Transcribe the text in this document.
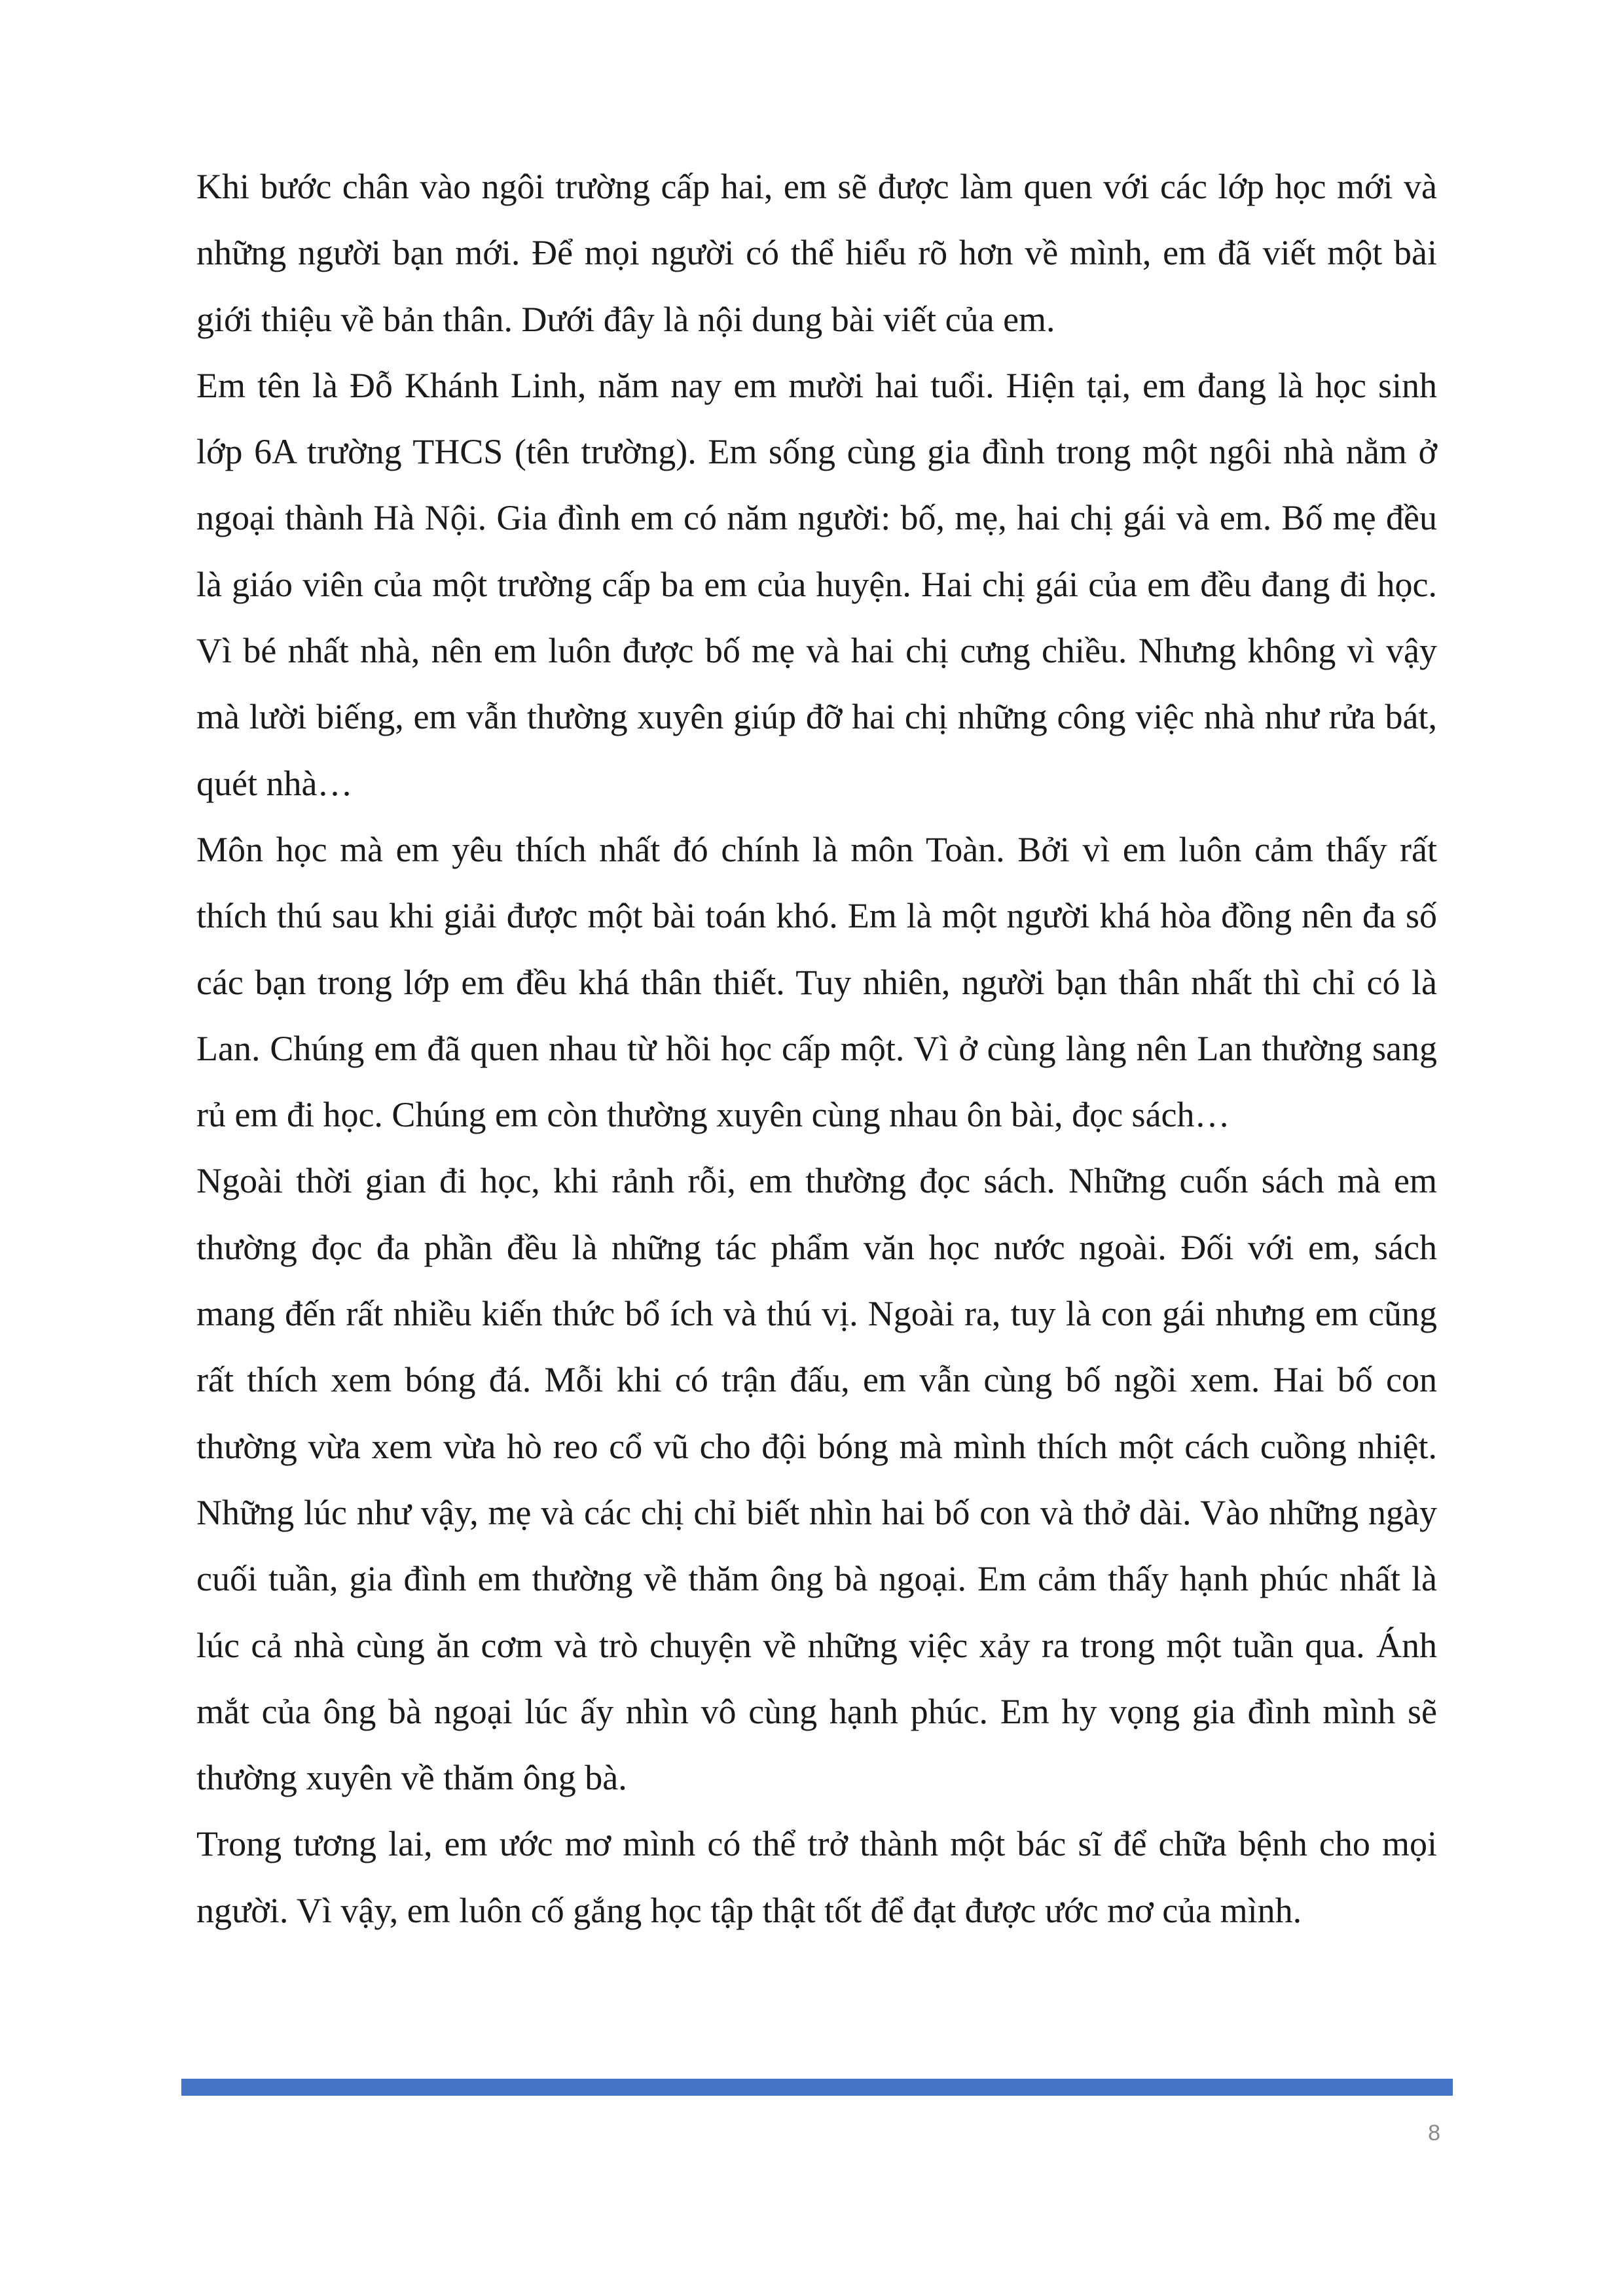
Khi bước chân vào ngôi trường cấp hai, em sẽ được làm quen với các lớp học mới và những người bạn mới. Để mọi người có thể hiểu rõ hơn về mình, em đã viết một bài giới thiệu về bản thân. Dưới đây là nội dung bài viết của em.

Em tên là Đỗ Khánh Linh, năm nay em mười hai tuổi. Hiện tại, em đang là học sinh lớp 6A trường THCS (tên trường). Em sống cùng gia đình trong một ngôi nhà nằm ở ngoại thành Hà Nội. Gia đình em có năm người: bố, mẹ, hai chị gái và em. Bố mẹ đều là giáo viên của một trường cấp ba em của huyện. Hai chị gái của em đều đang đi học. Vì bé nhất nhà, nên em luôn được bố mẹ và hai chị cưng chiều. Nhưng không vì vậy mà lười biếng, em vẫn thường xuyên giúp đỡ hai chị những công việc nhà như rửa bát, quét nhà…

Môn học mà em yêu thích nhất đó chính là môn Toàn. Bởi vì em luôn cảm thấy rất thích thú sau khi giải được một bài toán khó. Em là một người khá hòa đồng nên đa số các bạn trong lớp em đều khá thân thiết. Tuy nhiên, người bạn thân nhất thì chỉ có là Lan. Chúng em đã quen nhau từ hồi học cấp một. Vì ở cùng làng nên Lan thường sang rủ em đi học. Chúng em còn thường xuyên cùng nhau ôn bài, đọc sách…

Ngoài thời gian đi học, khi rảnh rỗi, em thường đọc sách. Những cuốn sách mà em thường đọc đa phần đều là những tác phẩm văn học nước ngoài. Đối với em, sách mang đến rất nhiều kiến thức bổ ích và thú vị. Ngoài ra, tuy là con gái nhưng em cũng rất thích xem bóng đá. Mỗi khi có trận đấu, em vẫn cùng bố ngồi xem. Hai bố con thường vừa xem vừa hò reo cổ vũ cho đội bóng mà mình thích một cách cuồng nhiệt. Những lúc như vậy, mẹ và các chị chỉ biết nhìn hai bố con và thở dài. Vào những ngày cuối tuần, gia đình em thường về thăm ông bà ngoại. Em cảm thấy hạnh phúc nhất là lúc cả nhà cùng ăn cơm và trò chuyện về những việc xảy ra trong một tuần qua. Ánh mắt của ông bà ngoại lúc ấy nhìn vô cùng hạnh phúc. Em hy vọng gia đình mình sẽ thường xuyên về thăm ông bà.

Trong tương lai, em ước mơ mình có thể trở thành một bác sĩ để chữa bệnh cho mọi người. Vì vậy, em luôn cố gắng học tập thật tốt để đạt được ước mơ của mình.

8
